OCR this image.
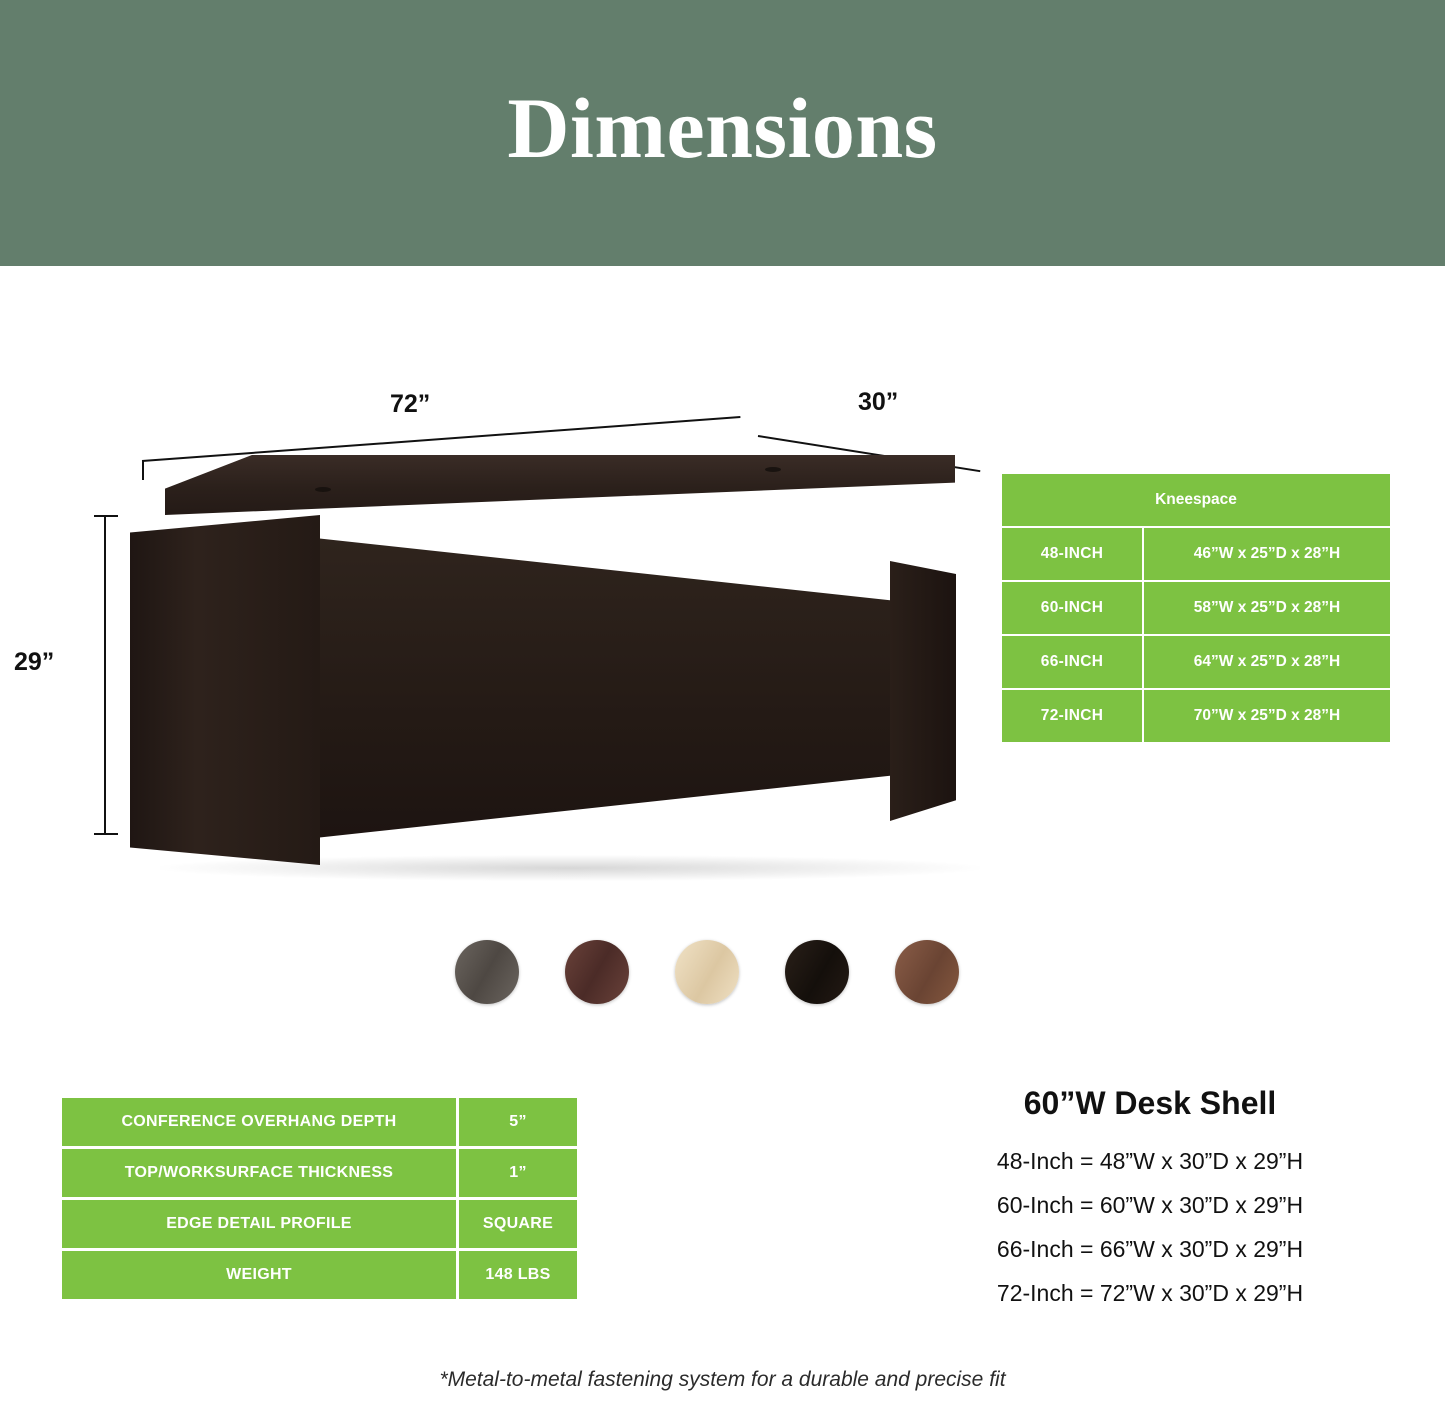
Dimensions
72”	30”
29”
Kneespace	
48-INCH	46”W x 25”D x 28”H
60-INCH	58”W x 25”D x 28”H
66-INCH	64”W x 25”D x 28”H
72-INCH	70”W x 25”D x 28”H
CONFERENCE OVERHANG DEPTH	5”
TOP/WORKSURFACE THICKNESS	1”
EDGE DETAIL PROFILE	SQUARE
WEIGHT	148 LBS
60”W Desk Shell
48-Inch = 48”W x 30”D x 29”H
60-Inch = 60”W x 30”D x 29”H
66-Inch = 66”W x 30”D x 29”H
72-Inch = 72”W x 30”D x 29”H
*Metal-to-metal fastening system for a durable and precise fit
